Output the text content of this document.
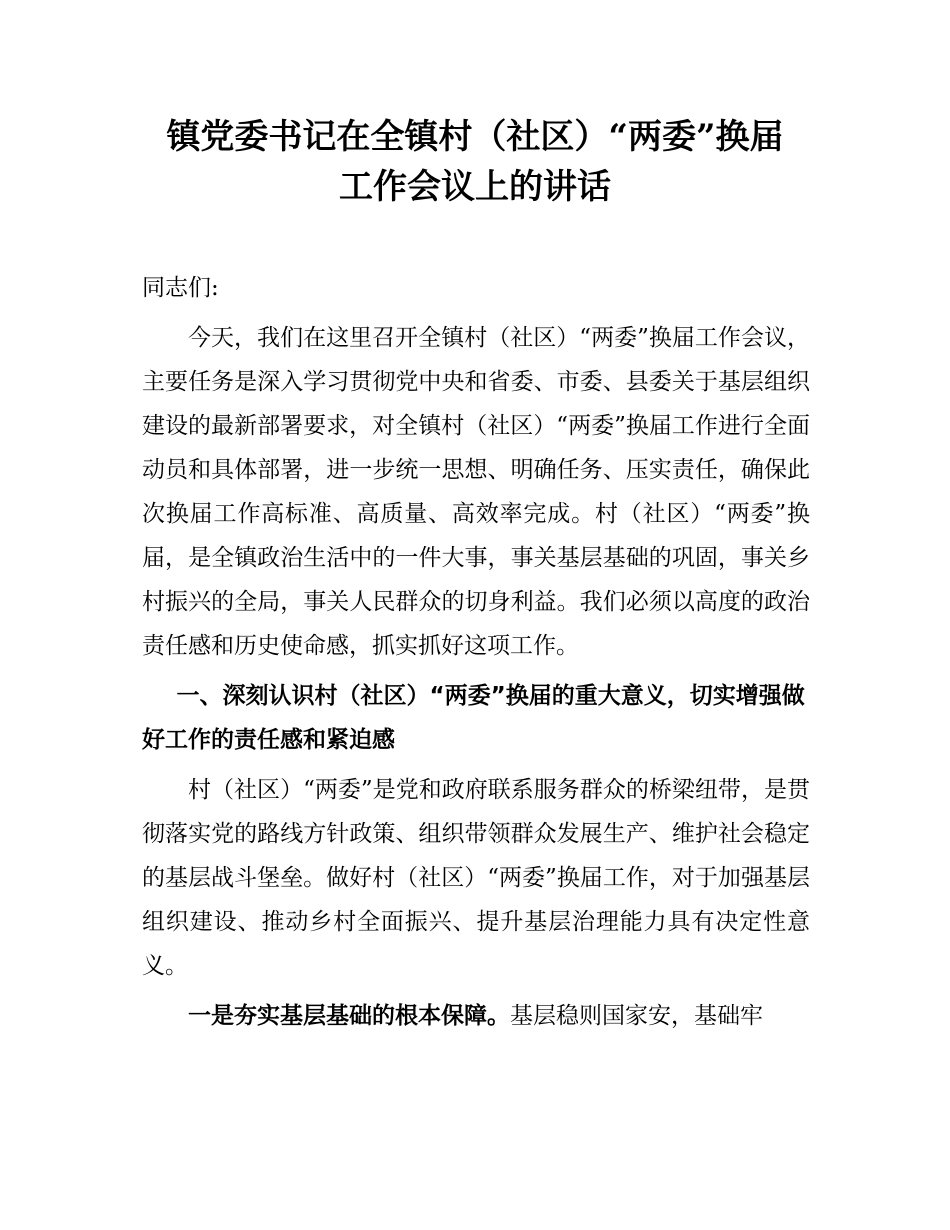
镇党委书记在全镇村（社区）“两委”换届
工作会议上的讲话

同志们:

今天，我们在这里召开全镇村（社区）“两委”换届工作会议，主要任务是深入学习贯彻党中央和省委、市委、县委关于基层组织建设的最新部署要求，对全镇村（社区）“两委”换届工作进行全面动员和具体部署，进一步统一思想、明确任务、压实责任，确保此次换届工作高标准、高质量、高效率完成。村（社区）“两委”换届，是全镇政治生活中的一件大事，事关基层基础的巩固，事关乡村振兴的全局，事关人民群众的切身利益。我们必须以高度的政治责任感和历史使命感，抓实抓好这项工作。

一、深刻认识村（社区）“两委”换届的重大意义，切实增强做好工作的责任感和紧迫感

村（社区）“两委”是党和政府联系服务群众的桥梁纽带，是贯彻落实党的路线方针政策、组织带领群众发展生产、维护社会稳定的基层战斗堡垒。做好村（社区）“两委”换届工作，对于加强基层组织建设、推动乡村全面振兴、提升基层治理能力具有决定性意义。

一是夯实基层基础的根本保障。基层稳则国家安，基础牢
